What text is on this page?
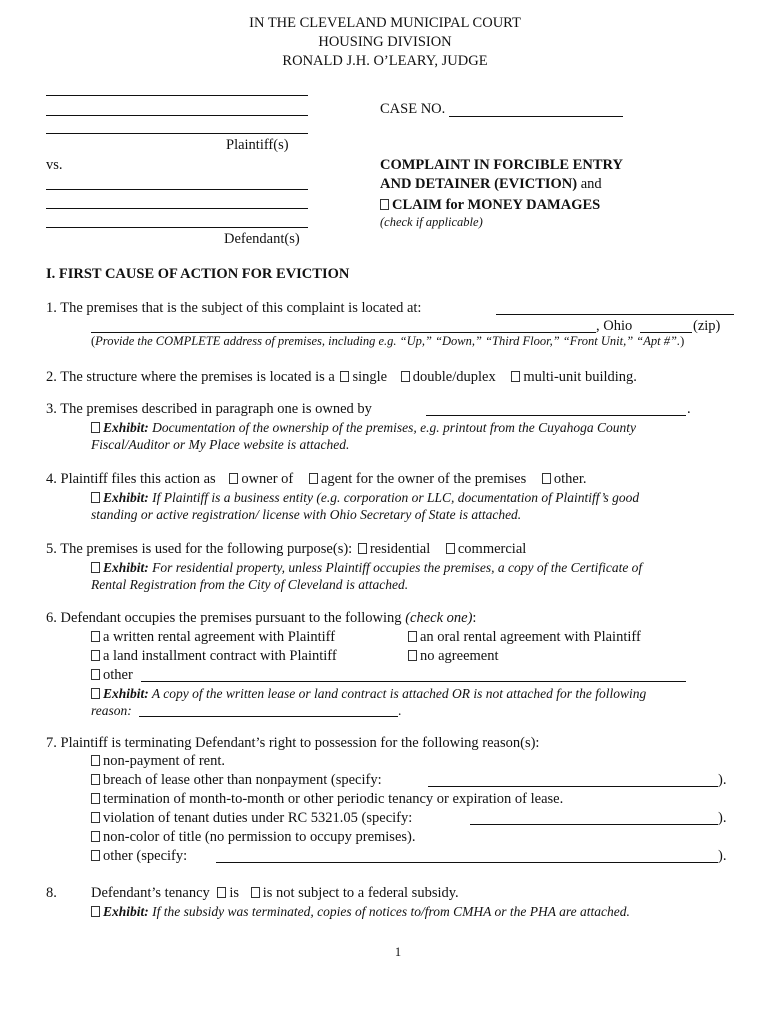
IN THE CLEVELAND MUNICIPAL COURT
HOUSING DIVISION
RONALD J.H. O’LEARY, JUDGE
Plaintiff(s)
vs.
Defendant(s)
CASE NO.
COMPLAINT IN FORCIBLE ENTRY
AND DETAINER (EVICTION) and
CLAIM for MONEY DAMAGES
(check if applicable)
I. FIRST CAUSE OF ACTION FOR EVICTION
1. The premises that is the subject of this complaint is located at:
, Ohio	(zip)
(Provide the COMPLETE address of premises, including e.g. “Up,” “Down,” “Third Floor,” “Front Unit,” “Apt #”.)
2. The structure where the premises is located is a single double/duplex multi-unit building.
3. The premises described in paragraph one is owned by	.
Exhibit: Documentation of the ownership of the premises, e.g. printout from the Cuyahoga County
Fiscal/Auditor or My Place website is attached.
4. Plaintiff files this action as owner of agent for the owner of the premises other.
Exhibit: If Plaintiff is a business entity (e.g. corporation or LLC, documentation of Plaintiff’s good
standing or active registration/ license with Ohio Secretary of State is attached.
5. The premises is used for the following purpose(s): residential commercial
Exhibit: For residential property, unless Plaintiff occupies the premises, a copy of the Certificate of
Rental Registration from the City of Cleveland is attached.
6. Defendant occupies the premises pursuant to the following (check one):
a written rental agreement with Plaintiff	an oral rental agreement with Plaintiff
a land installment contract with Plaintiff	no agreement
other
Exhibit: A copy of the written lease or land contract is attached OR is not attached for the following
reason:	.
7. Plaintiff is terminating Defendant’s right to possession for the following reason(s):
non-payment of rent.
breach of lease other than nonpayment (specify:	).
termination of month-to-month or other periodic tenancy or expiration of lease.
violation of tenant duties under RC 5321.05 (specify:	).
non-color of title (no permission to occupy premises).
other (specify:	).
8. Defendant’s tenancy is is not subject to a federal subsidy.
Exhibit: If the subsidy was terminated, copies of notices to/from CMHA or the PHA are attached.
1
